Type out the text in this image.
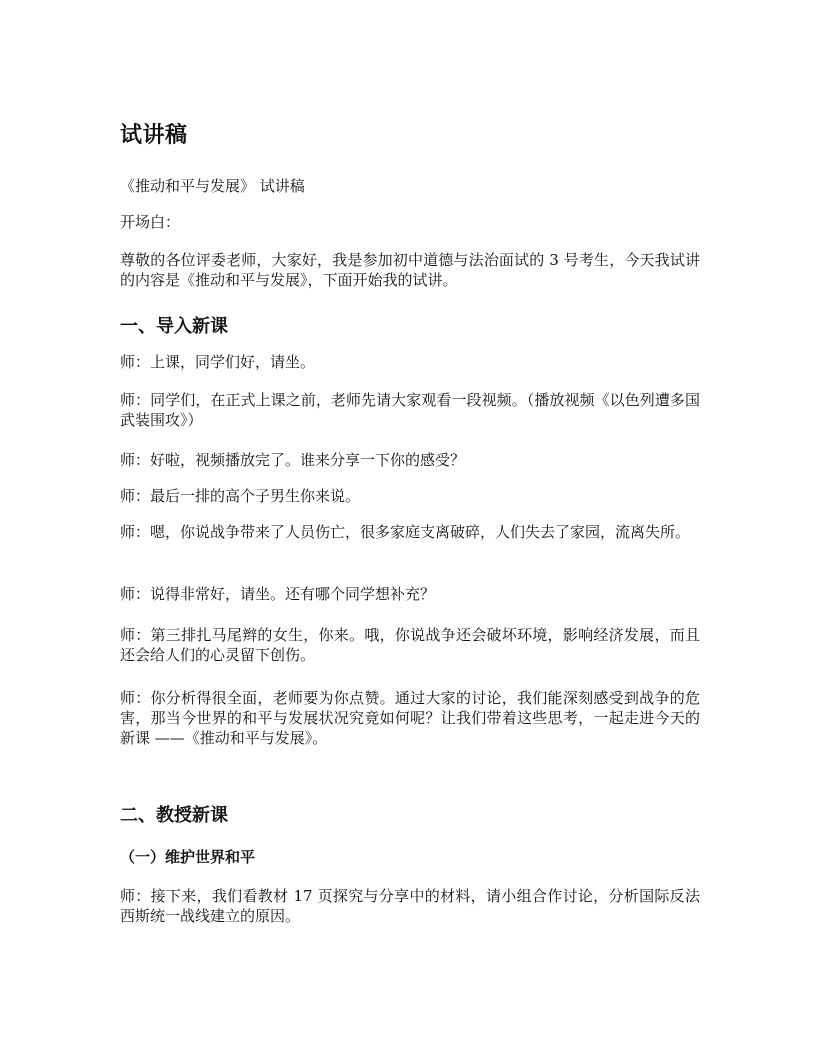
试讲稿

《推动和平与发展》 试讲稿

开场白：

尊敬的各位评委老师，大家好，我是参加初中道德与法治面试的 3 号考生，今天我试讲的内容是《推动和平与发展》，下面开始我的试讲。

一、导入新课

师：上课，同学们好，请坐。

师：同学们，在正式上课之前，老师先请大家观看一段视频。（播放视频《以色列遭多国武装围攻》）

师：好啦，视频播放完了。谁来分享一下你的感受？

师：最后一排的高个子男生你来说。

师：嗯，你说战争带来了人员伤亡，很多家庭支离破碎，人们失去了家园，流离失所。

师：说得非常好，请坐。还有哪个同学想补充？

师：第三排扎马尾辫的女生，你来。哦，你说战争还会破坏环境，影响经济发展，而且还会给人们的心灵留下创伤。

师：你分析得很全面，老师要为你点赞。通过大家的讨论，我们能深刻感受到战争的危害，那当今世界的和平与发展状况究竟如何呢？让我们带着这些思考，一起走进今天的新课 ——《推动和平与发展》。

二、教授新课
（一）维护世界和平

师：接下来，我们看教材 17 页探究与分享中的材料，请小组合作讨论，分析国际反法西斯统一战线建立的原因。
